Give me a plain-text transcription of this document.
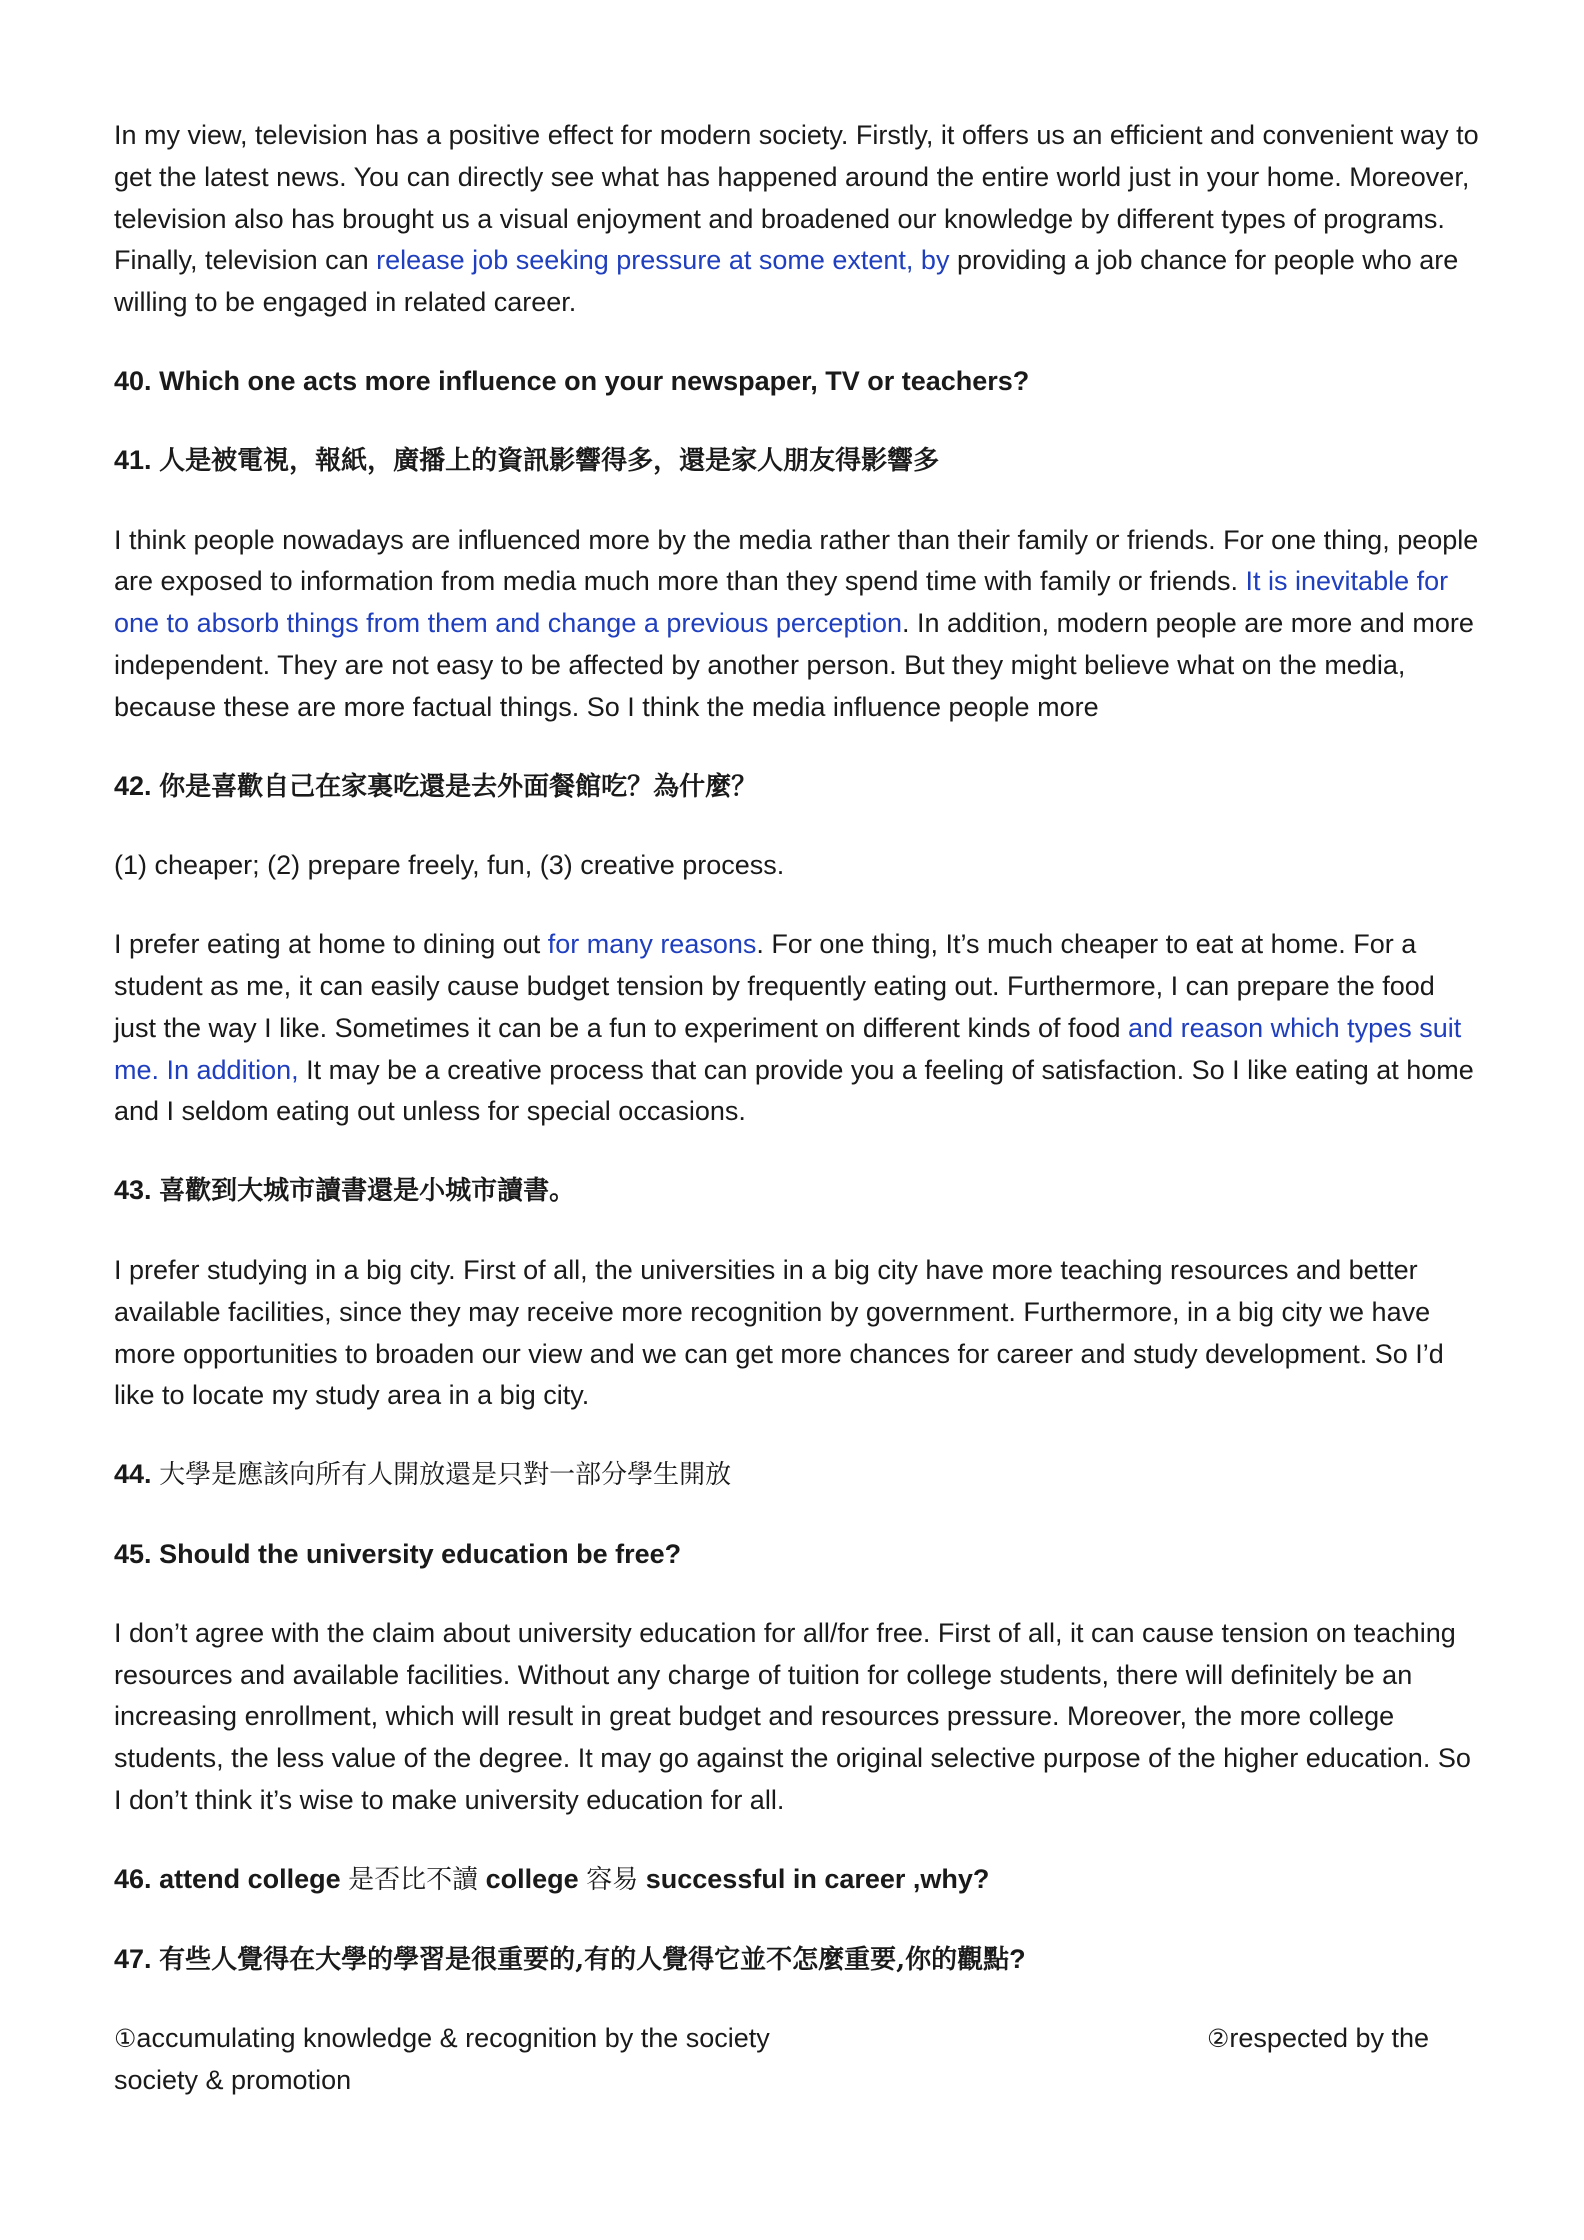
In my view, television has a positive effect for modern society. Firstly, it offers us an efficient and convenient way to get the latest news. You can directly see what has happened around the entire world just in your home. Moreover, television also has brought us a visual enjoyment and broadened our knowledge by different types of programs. Finally, television can release job seeking pressure at some extent, by providing a job chance for people who are willing to be engaged in related career.

40. Which one acts more influence on your newspaper, TV or teachers?

41. 人是被電視，報紙，廣播上的資訊影響得多，還是家人朋友得影響多

I think people nowadays are influenced more by the media rather than their family or friends. For one thing, people are exposed to information from media much more than they spend time with family or friends. It is inevitable for one to absorb things from them and change a previous perception. In addition, modern people are more and more independent. They are not easy to be affected by another person. But they might believe what on the media, because these are more factual things. So I think the media influence people more

42. 你是喜歡自己在家裏吃還是去外面餐館吃？為什麼？

(1) cheaper; (2) prepare freely, fun, (3) creative process.

I prefer eating at home to dining out for many reasons. For one thing, It’s much cheaper to eat at home. For a student as me, it can easily cause budget tension by frequently eating out. Furthermore, I can prepare the food just the way I like. Sometimes it can be a fun to experiment on different kinds of food and reason which types suit me. In addition, It may be a creative process that can provide you a feeling of satisfaction. So I like eating at home and I seldom eating out unless for special occasions.

43. 喜歡到大城市讀書還是小城市讀書。

I prefer studying in a big city. First of all, the universities in a big city have more teaching resources and better available facilities, since they may receive more recognition by government. Furthermore, in a big city we have more opportunities to broaden our view and we can get more chances for career and study development. So I’d like to locate my study area in a big city.

44. 大學是應該向所有人開放還是只對一部分學生開放

45. Should the university education be free?

I don’t agree with the claim about university education for all/for free. First of all, it can cause tension on teaching resources and available facilities. Without any charge of tuition for college students, there will definitely be an increasing enrollment, which will result in great budget and resources pressure. Moreover, the more college students, the less value of the degree. It may go against the original selective purpose of the higher education. So I don’t think it’s wise to make university education for all.

46. attend college 是否比不讀 college 容易 successful in career ,why?

47. 有些人覺得在大學的學習是很重要的,有的人覺得它並不怎麼重要,你的觀點?

①accumulating knowledge & recognition by the society	②respected by the
society & promotion
